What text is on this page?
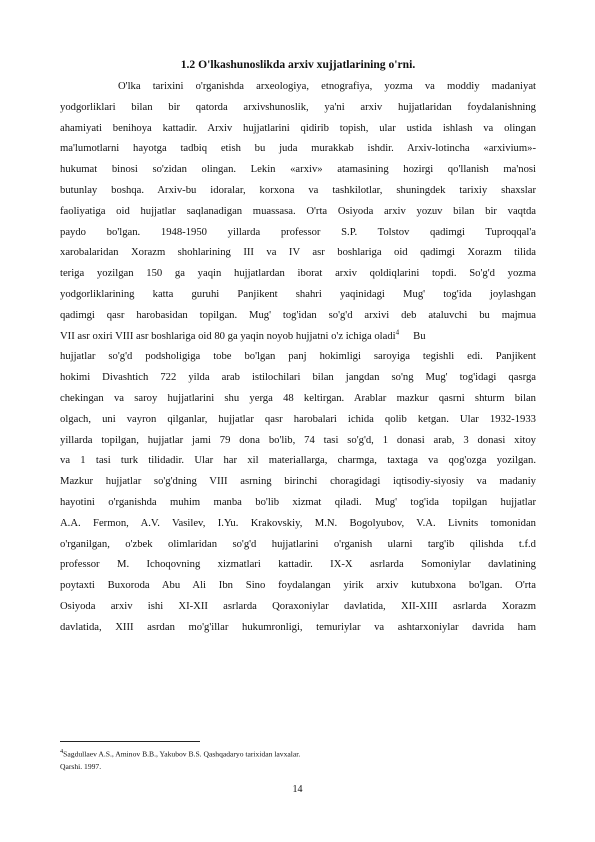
1.2 O'lkashunoslikda arxiv xujjatlarining o'rni.
O'lka tarixini o'rganishda arxeologiya, etnografiya, yozma va moddiy madaniyat
yodgorliklari bilan bir qatorda arxivshunoslik, ya'ni arxiv hujjatlaridan foydalanishning
ahamiyati benihoya kattadir. Arxiv hujjatlarini qidirib topish, ular ustida ishlash va olingan
ma'lumotlarni hayotga tadbiq etish bu juda murakkab ishdir. Arxiv-lotincha «arxivium»-
hukumat binosi so'zidan olingan. Lekin «arxiv» atamasining hozirgi qo'llanish ma'nosi
butunlay boshqa. Arxiv-bu idoralar, korxona va tashkilotlar, shuningdek tarixiy shaxslar
faoliyatiga oid hujjatlar saqlanadigan muassasa. O'rta Osiyoda arxiv yozuv bilan bir vaqtda
paydo bo'lgan. 1948-1950 yillarda professor S.P. Tolstov qadimgi Tuproqqal'a
xarobalaridan Xorazm shohlarining III va IV asr boshlariga oid qadimgi Xorazm tilida
teriga yozilgan 150 ga yaqin hujjatlardan iborat arxiv qoldiqlarini topdi. So'g'd yozma
yodgorliklarining katta guruhi Panjikent shahri yaqinidagi Mug' tog'ida joylashgan
qadimgi qasr harobasidan topilgan. Mug' tog'idan so'g'd arxivi deb ataluvchi bu majmua
VII asr oxiri VIII asr boshlariga oid 80 ga yaqin noyob hujjatni o'z ichiga oladi$^4$ Bu
hujjatlar so'g'd podsholigiga tobe bo'lgan panj hokimligi saroyiga tegishli edi. Panjikent
hokimi Divashtich 722 yilda arab istilochilari bilan jangdan so'ng Mug' tog'idagi qasrga
chekingan va saroy hujjatlarini shu yerga 48 keltirgan. Arablar mazkur qasrni shturm bilan
olgach, uni vayron qilganlar, hujjatlar qasr harobalari ichida qolib ketgan. Ular 1932-1933
yillarda topilgan, hujjatlar jami 79 dona bo'lib, 74 tasi so'g'd, 1 donasi arab, 3 donasi xitoy
va 1 tasi turk tilidadir. Ular har xil materiallarga, charmga, taxtaga va qog'ozga yozilgan.
Mazkur hujjatlar so'g'dning VIII asrning birinchi choragidagi iqtisodiy-siyosiy va madaniy
hayotini o'rganishda muhim manba bo'lib xizmat qiladi. Mug' tog'ida topilgan hujjatlar
A.A. Fermon, A.V. Vasilev, I.Yu. Krakovskiy, M.N. Bogolyubov, V.A. Livnits tomonidan
o'rganilgan, o'zbek olimlaridan so'g'd hujjatlarini o'rganish ularni targ'ib qilishda t.f.d
professor M. Ichoqovning xizmatlari kattadir. IX-X asrlarda Somoniylar davlatining
poytaxti Buxoroda Abu Ali Ibn Sino foydalangan yirik arxiv kutubxona bo'lgan. O'rta
Osiyoda arxiv ishi XI-XII asrlarda Qoraxoniylar davlatida, XII-XIII asrlarda Xorazm
davlatida, XIII asrdan mo'g'illar hukumronligi, temuriylar va ashtarxoniylar davrida ham
$^4$Sagdullaev A.S., Aminov B.B., Yakubov B.S. Qashqadaryo tarixidan lavxalar.
Qarshi. 1997.
14
